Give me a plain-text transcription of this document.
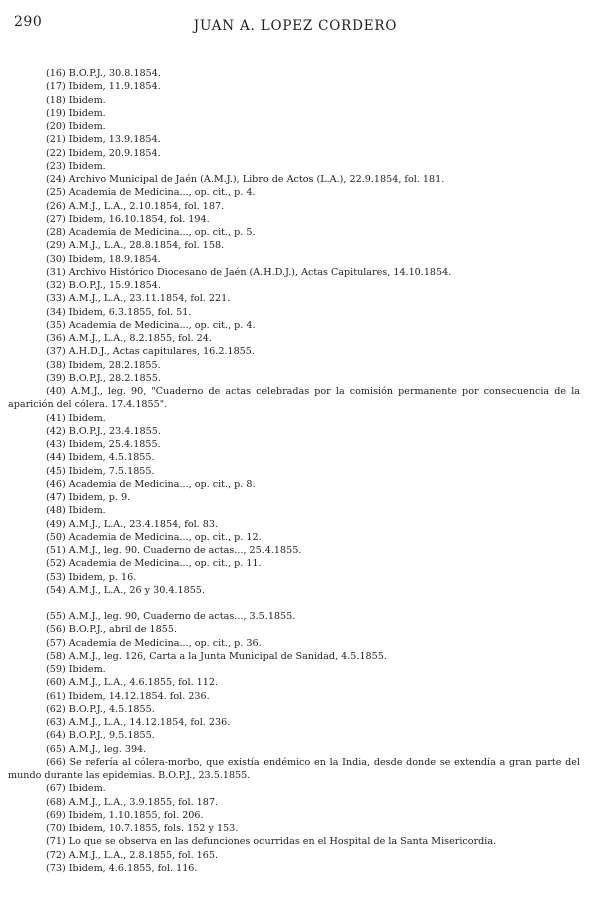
290	JUAN A. LOPEZ CORDERO
(16) B.O.P.J., 30.8.1854.
(17) Ibidem, 11.9.1854.
(18) Ibidem.
(19) Ibidem.
(20) Ibidem.
(21) Ibidem, 13.9.1854.
(22) Ibidem, 20.9.1854.
(23) Ibidem.
(24) Archivo Municipal de Jaén (A.M.J.), Libro de Actos (L.A.), 22.9.1854, fol. 181.
(25) Academia de Medicina..., op. cit., p. 4.
(26) A.M.J., L.A., 2.10.1854, fol. 187.
(27) Ibidem, 16.10.1854, fol. 194.
(28) Academia de Medicina..., op. cit., p. 5.
(29) A.M.J., L.A., 28.8.1854, fol. 158.
(30) Ibidem, 18.9.1854.
(31) Archivo Histórico Diocesano de Jaén (A.H.D.J.), Actas Capitulares, 14.10.1854.
(32) B.O.P.J., 15.9.1854.
(33) A.M.J., L.A., 23.11.1854, fol. 221.
(34) Ibidem, 6.3.1855, fol. 51.
(35) Academia de Medicina..., op. cit., p. 4.
(36) A.M.J., L.A., 8.2.1855, fol. 24.
(37) A.H.D.J., Actas capitulares, 16.2.1855.
(38) Ibidem, 28.2.1855.
(39) B.O.P.J., 28.2.1855.
(40) A.M.J., leg. 90, "Cuaderno de actas celebradas por la comisión permanente por consecuencia de la aparición del cólera. 17.4.1855".
(41) Ibidem.
(42) B.O.P.J., 23.4.1855.
(43) Ibidem, 25.4.1855.
(44) Ibidem, 4.5.1855.
(45) Ibidem, 7.5.1855.
(46) Academia de Medicina..., op. cit., p. 8.
(47) Ibidem, p. 9.
(48) Ibidem.
(49) A.M.J., L.A., 23.4.1854, fol. 83.
(50) Academia de Medicina..., op. cit., p. 12.
(51) A.M.J., leg. 90. Cuaderno de actas..., 25.4.1855.
(52) Academia de Medicina..., op. cit., p. 11.
(53) Ibidem, p. 16.
(54) A.M.J., L.A., 26 y 30.4.1855.
(55) A.M.J., leg. 90, Cuaderno de actas..., 3.5.1855.
(56) B.O.P.J., abril de 1855.
(57) Academia de Medicina..., op. cit., p. 36.
(58) A.M.J., leg. 126, Carta a la Junta Municipal de Sanidad, 4.5.1855.
(59) Ibidem.
(60) A.M.J., L.A., 4.6.1855, fol. 112.
(61) Ibidem, 14.12.1854. fol. 236.
(62) B.O.P.J., 4.5.1855.
(63) A.M.J., L.A., 14.12.1854, fol. 236.
(64) B.O.P.J., 9.5.1855.
(65) A.M.J., leg. 394.
(66) Se refería al cólera-morbo, que existía endémico en la India, desde donde se extendía a gran parte del mundo durante las epidemias. B.O.P.J., 23.5.1855.
(67) Ibidem.
(68) A.M.J., L.A., 3.9.1855, fol. 187.
(69) Ibidem, 1.10.1855, fol. 206.
(70) Ibidem, 10.7.1855, fols. 152 y 153.
(71) Lo que se observa en las defunciones ocurridas en el Hospital de la Santa Misericordia.
(72) A.M.J., L.A., 2.8.1855, fol. 165.
(73) Ibidem, 4.6.1855, fol. 116.
